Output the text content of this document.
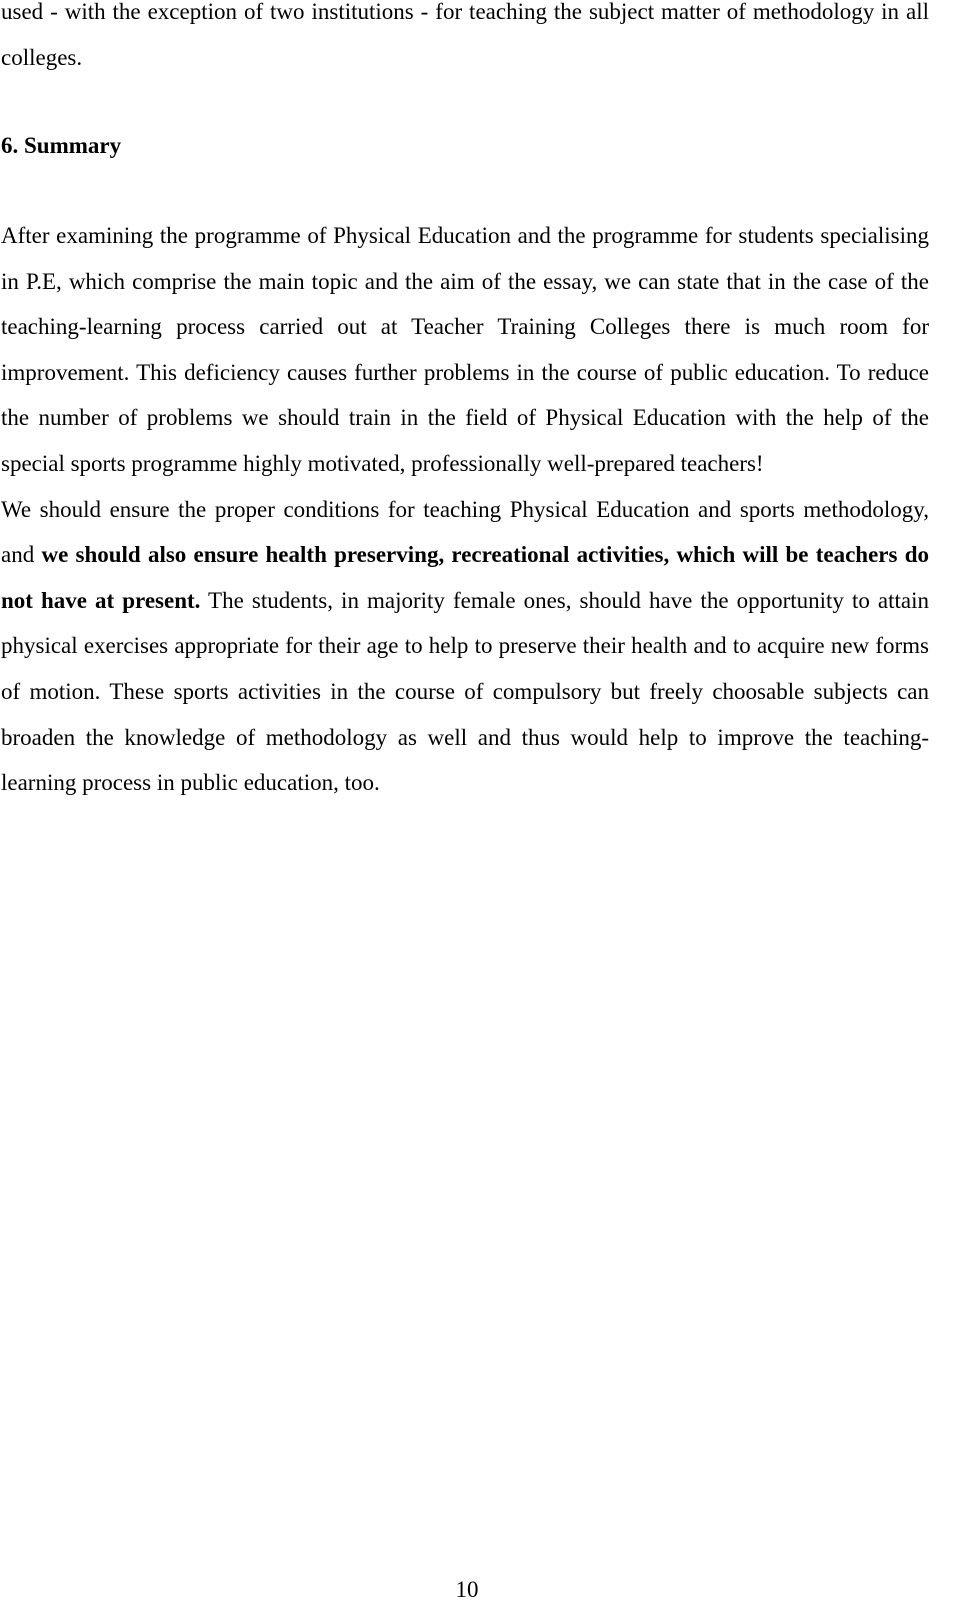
used - with the exception of two institutions - for teaching the subject matter of methodology in all colleges.
6. Summary
After examining the programme of Physical Education and the programme for students specialising in P.E, which comprise the main topic and the aim of the essay, we can state that in the case of the teaching-learning process carried out at Teacher Training Colleges there is much room for improvement. This deficiency causes further problems in the course of public education. To reduce the number of problems we should train in the field of Physical Education with the help of the special sports programme highly motivated, professionally well-prepared teachers!
We should ensure the proper conditions for teaching Physical Education and sports methodology, and we should also ensure health preserving, recreational activities, which will be teachers do not have at present. The students, in majority female ones, should have the opportunity to attain physical exercises appropriate for their age to help to preserve their health and to acquire new forms of motion. These sports activities in the course of compulsory but freely choosable subjects can broaden the knowledge of methodology as well and thus would help to improve the teaching-learning process in public education, too.
10
